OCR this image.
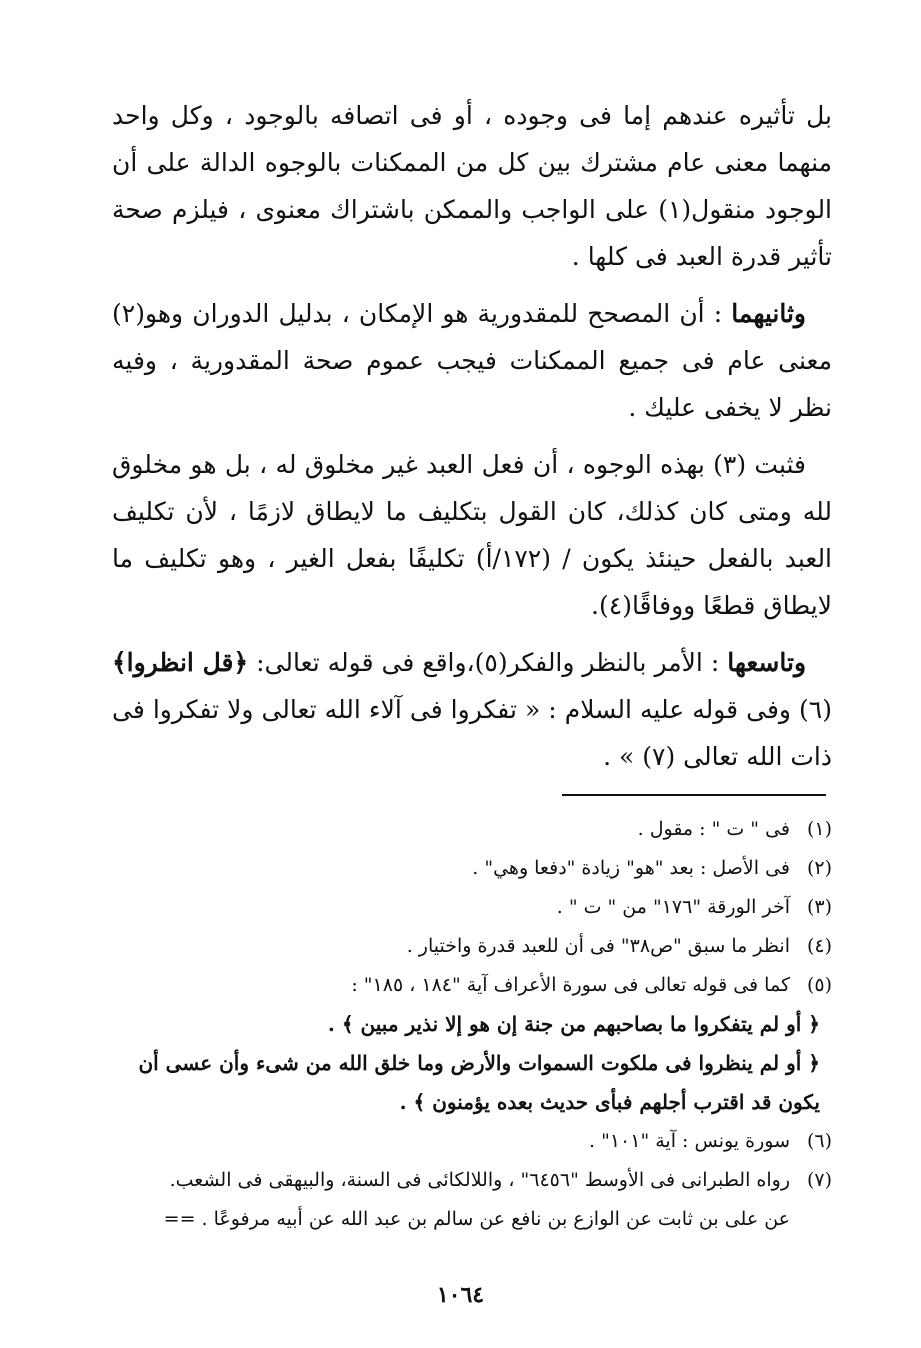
بل تأثيره عندهم إما فى وجوده ، أو فى اتصافه بالوجود ، وكل واحد منهما معنى عام مشترك بين كل من الممكنات بالوجوه الدالة على أن الوجود منقول(١) على الواجب والممكن باشتراك معنوى ، فيلزم صحة تأثير قدرة العبد فى كلها .

وثانيهما : أن المصحح للمقدورية هو الإمكان ، بدليل الدوران وهو(٢) معنى عام فى جميع الممكنات فيجب عموم صحة المقدورية ، وفيه نظر لا يخفى عليك .

فثبت (٣) بهذه الوجوه ، أن فعل العبد غير مخلوق له ، بل هو مخلوق لله ومتى كان كذلك، كان القول بتكليف ما لايطاق لازمًا ، لأن تكليف العبد بالفعل حينئذ يكون / (١٧٢/أ) تكليفًا بفعل الغير ، وهو تكليف ما لايطاق قطعًا ووفاقًا(٤).

وتاسعها : الأمر بالنظر والفكر(٥)،واقع فى قوله تعالى: ﴿قل انظروا﴾(٦) وفى قوله عليه السلام : « تفكروا فى آلاء الله تعالى ولا تفكروا فى ذات الله تعالى (٧) » .

(١)
فى " ت " : مقول .
(٢)
فى الأصل : بعد "هو" زيادة "دفعا وهي" .
(٣)
آخر الورقة "١٧٦" من " ت " .
(٤)
انظر ما سبق "ص٣٨" فى أن للعبد قدرة واختيار .
(٥)
كما فى قوله تعالى فى سورة الأعراف آية "١٨٤ ، ١٨٥" :
﴿ أو لم يتفكروا ما بصاحبهم من جنة إن هو إلا نذير مبين ﴾ .
﴿ أو لم ينظروا فى ملكوت السموات والأرض وما خلق الله من شىء وأن عسى أن يكون قد اقترب أجلهم فبأى حديث بعده يؤمنون ﴾ .
(٦)
سورة يونس : آية "١٠١" .
(٧)
رواه الطبرانى فى الأوسط "٦٤٥٦" ، واللالكائى فى السنة، والبيهقى فى الشعب.
عن على بن ثابت عن الوازع بن نافع عن سالم بن عبد الله عن أبيه مرفوعًا . ==
١٠٦٤
